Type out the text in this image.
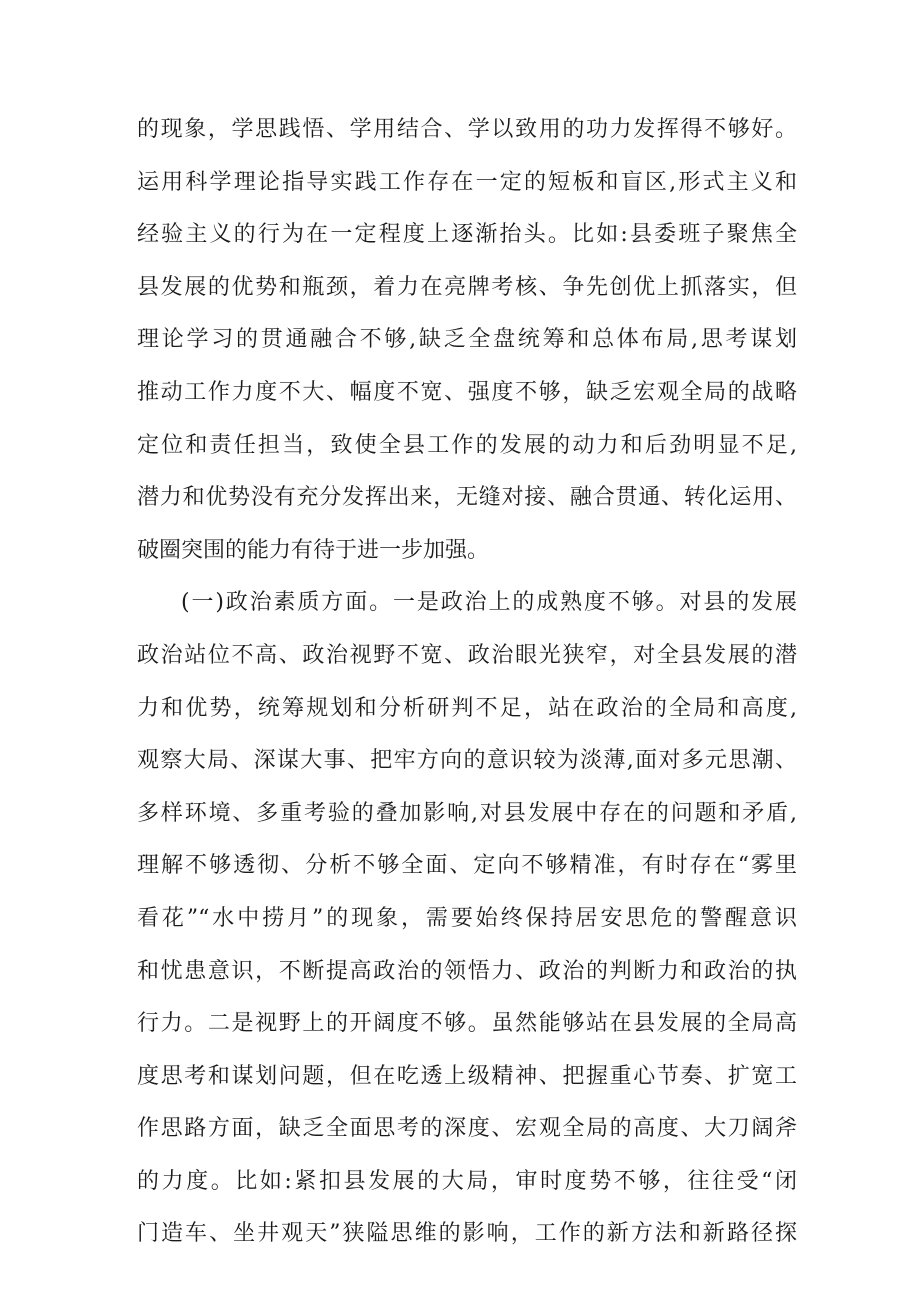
的现象，学思践悟、学用结合、学以致用的功力发挥得不够好。
运用科学理论指导实践工作存在一定的短板和盲区,形式主义和
经验主义的行为在一定程度上逐渐抬头。比如:县委班子聚焦全
县发展的优势和瓶颈，着力在亮牌考核、争先创优上抓落实，但
理论学习的贯通融合不够,缺乏全盘统筹和总体布局,思考谋划
推动工作力度不大、幅度不宽、强度不够，缺乏宏观全局的战略
定位和责任担当，致使全县工作的发展的动力和后劲明显不足,
潜力和优势没有充分发挥出来，无缝对接、融合贯通、转化运用、
破圈突围的能力有待于进一步加强。
(一)政治素质方面。一是政治上的成熟度不够。对县的发展
政治站位不高、政治视野不宽、政治眼光狭窄，对全县发展的潜
力和优势，统筹规划和分析研判不足，站在政治的全局和高度,
观察大局、深谋大事、把牢方向的意识较为淡薄,面对多元思潮、
多样环境、多重考验的叠加影响,对县发展中存在的问题和矛盾,
理解不够透彻、分析不够全面、定向不够精准，有时存在“雾里
看花”“水中捞月”的现象，需要始终保持居安思危的警醒意识
和忧患意识，不断提高政治的领悟力、政治的判断力和政治的执
行力。二是视野上的开阔度不够。虽然能够站在县发展的全局高
度思考和谋划问题，但在吃透上级精神、把握重心节奏、扩宽工
作思路方面，缺乏全面思考的深度、宏观全局的高度、大刀阔斧
的力度。比如:紧扣县发展的大局，审时度势不够，往往受“闭
门造车、坐井观天”狭隘思维的影响，工作的新方法和新路径探
